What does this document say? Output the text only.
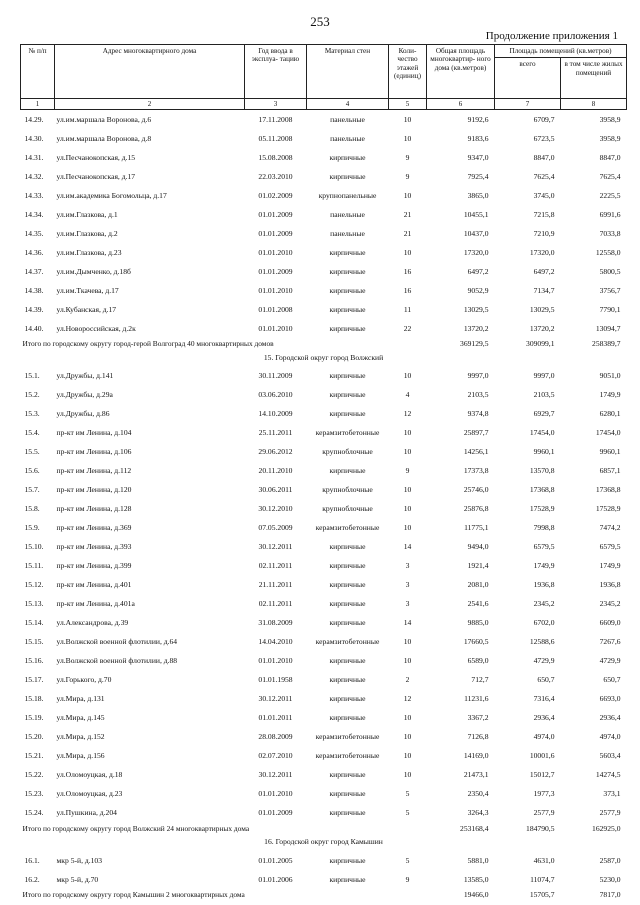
253
Продолжение приложения 1
№ п/п	Адрес многоквартирного дома	Год ввода в эксплуа- тацию	Материал стен	Коли- чество этажей (единиц)	Общая площадь многоквартир- ного дома (кв.метров)	Площадь помещений (кв.метров)	
						всего	в том числе жилых помещений
1	2	3	4	5	6	7	8
14.29.	ул.им.маршала Воронова, д.6	17.11.2008	панельные	10	9192,6	6709,7	3958,9
14.30.	ул.им.маршала Воронова, д.8	05.11.2008	панельные	10	9183,6	6723,5	3958,9
14.31.	ул.Песчанокопская, д.15	15.08.2008	кирпичные	9	9347,0	8847,0	8847,0
14.32.	ул.Песчанокопская, д.17	22.03.2010	кирпичные	9	7925,4	7625,4	7625,4
14.33.	ул.им.академика Богомольца, д.17	01.02.2009	крупнопанельные	10	3865,0	3745,0	2225,5
14.34.	ул.им.Глазкова, д.1	01.01.2009	панельные	21	10455,1	7215,8	6991,6
14.35.	ул.им.Глазкова, д.2	01.01.2009	панельные	21	10437,0	7210,9	7033,8
14.36.	ул.им.Глазкова, д.23	01.01.2010	кирпичные	10	17320,0	17320,0	12558,0
14.37.	ул.им.Дымченко, д.18б	01.01.2009	кирпичные	16	6497,2	6497,2	5800,5
14.38.	ул.им.Ткачева, д.17	01.01.2010	кирпичные	16	9052,9	7134,7	3756,7
14.39.	ул.Кубанская, д.17	01.01.2008	кирпичные	11	13029,5	13029,5	7790,1
14.40.	ул.Новороссийская, д.2к	01.01.2010	кирпичные	22	13720,2	13720,2	13094,7
Итого по городскому округу город-герой Волгоград 40 многоквартирных домов					369129,5	309099,1	258389,7
15. Городской округ город Волжский							
15.1.	ул.Дружбы, д.141	30.11.2009	кирпичные	10	9997,0	9997,0	9051,0
15.2.	ул.Дружбы, д.29а	03.06.2010	кирпичные	4	2103,5	2103,5	1749,9
15.3.	ул.Дружбы, д.86	14.10.2009	кирпичные	12	9374,8	6929,7	6280,1
15.4.	пр-кт им Ленина, д.104	25.11.2011	керамзитобетонные	10	25897,7	17454,0	17454,0
15.5.	пр-кт им Ленина, д.106	29.06.2012	крупноблочные	10	14256,1	9960,1	9960,1
15.6.	пр-кт им Ленина, д.112	20.11.2010	кирпичные	9	17373,8	13570,8	6857,1
15.7.	пр-кт им Ленина, д.120	30.06.2011	крупноблочные	10	25746,0	17368,8	17368,8
15.8.	пр-кт им Ленина, д.128	30.12.2010	крупноблочные	10	25876,8	17528,9	17528,9
15.9.	пр-кт им Ленина, д.369	07.05.2009	керамзитобетонные	10	11775,1	7998,8	7474,2
15.10.	пр-кт им Ленина, д.393	30.12.2011	кирпичные	14	9494,0	6579,5	6579,5
15.11.	пр-кт им Ленина, д.399	02.11.2011	кирпичные	3	1921,4	1749,9	1749,9
15.12.	пр-кт им Ленина, д.401	21.11.2011	кирпичные	3	2081,0	1936,8	1936,8
15.13.	пр-кт им Ленина, д.401а	02.11.2011	кирпичные	3	2541,6	2345,2	2345,2
15.14.	ул.Александрова, д.39	31.08.2009	кирпичные	14	9885,0	6702,0	6609,0
15.15.	ул.Волжской военной флотилии, д.64	14.04.2010	керамзитобетонные	10	17660,5	12588,6	7267,6
15.16.	ул.Волжской военной флотилии, д.88	01.01.2010	кирпичные	10	6589,0	4729,9	4729,9
15.17.	ул.Горького, д.70	01.01.1958	кирпичные	2	712,7	650,7	650,7
15.18.	ул.Мира, д.131	30.12.2011	кирпичные	12	11231,6	7316,4	6693,0
15.19.	ул.Мира, д.145	01.01.2011	кирпичные	10	3367,2	2936,4	2936,4
15.20.	ул.Мира, д.152	28.08.2009	керамзитобетонные	10	7126,8	4974,0	4974,0
15.21.	ул.Мира, д.156	02.07.2010	керамзитобетонные	10	14169,0	10001,6	5603,4
15.22.	ул.Оломоуцкая, д.18	30.12.2011	кирпичные	10	21473,1	15012,7	14274,5
15.23.	ул.Оломоуцкая, д.23	01.01.2010	кирпичные	5	2350,4	1977,3	373,1
15.24.	ул.Пушкина, д.204	01.01.2009	кирпичные	5	3264,3	2577,9	2577,9
Итого по городскому округу город Волжский 24 многоквартирных дома					253168,4	184790,5	162925,0
16. Городской округ город Камышин							
16.1.	мкр 5-й, д.103	01.01.2005	кирпичные	5	5881,0	4631,0	2587,0
16.2.	мкр 5-й, д.70	01.01.2006	кирпичные	9	13585,0	11074,7	5230,0
Итого по городскому округу город Камышин 2 многоквартирных дома					19466,0	15705,7	7817,0
